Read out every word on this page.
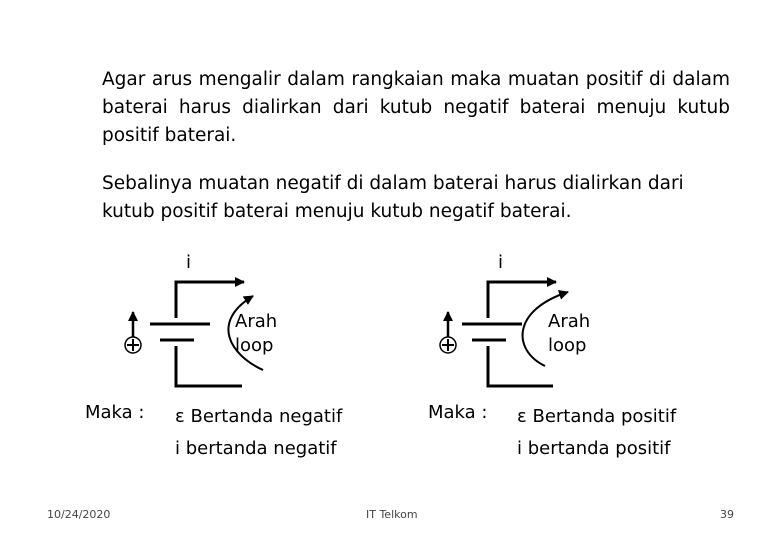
Agar arus mengalir dalam rangkaian maka muatan positif di dalam baterai harus dialirkan dari kutub negatif baterai menuju kutub positif baterai.

Sebalinya muatan negatif di dalam baterai harus dialirkan dari kutub positif baterai menuju kutub negatif baterai.

i
Arah
loop
Maka : ε Bertanda negatif
i bertanda negatif
i
Arah
loop
Maka : ε Bertanda positif
i bertanda positif
10/24/2020	IT Telkom	39
